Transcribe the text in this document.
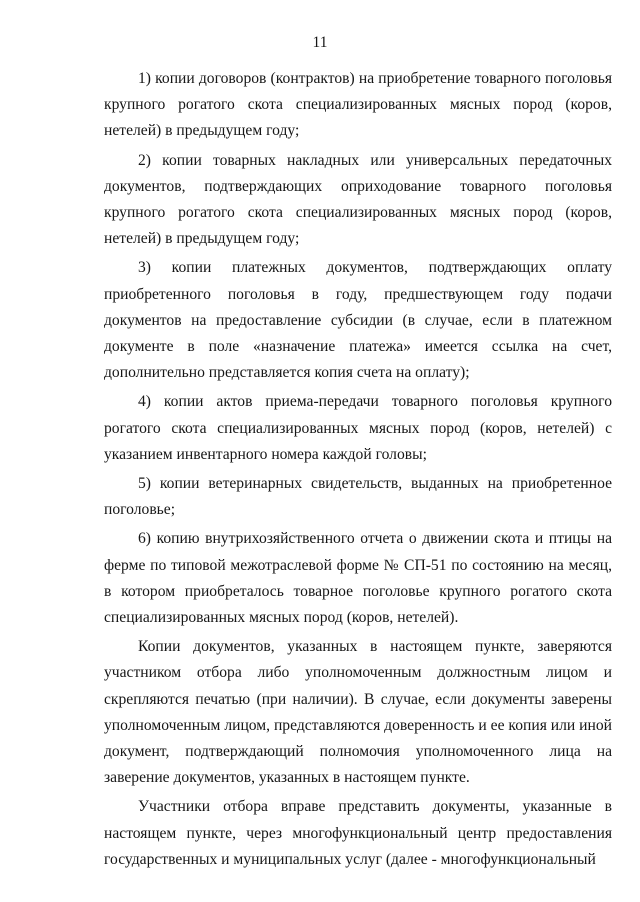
11

1) копии договоров (контрактов) на приобретение товарного поголовья крупного рогатого скота специализированных мясных пород (коров, нетелей) в предыдущем году;

2) копии товарных накладных или универсальных передаточных документов, подтверждающих оприходование товарного поголовья крупного рогатого скота специализированных мясных пород (коров, нетелей) в предыдущем году;

3) копии платежных документов, подтверждающих оплату приобретенного поголовья в году, предшествующем году подачи документов на предоставление субсидии (в случае, если в платежном документе в поле «назначение платежа» имеется ссылка на счет, дополнительно представляется копия счета на оплату);

4) копии актов приема-передачи товарного поголовья крупного рогатого скота специализированных мясных пород (коров, нетелей) с указанием инвентарного номера каждой головы;

5) копии ветеринарных свидетельств, выданных на приобретенное поголовье;

6) копию внутрихозяйственного отчета о движении скота и птицы на ферме по типовой межотраслевой форме № СП-51 по состоянию на месяц, в котором приобреталось товарное поголовье крупного рогатого скота специализированных мясных пород (коров, нетелей).

Копии документов, указанных в настоящем пункте, заверяются участником отбора либо уполномоченным должностным лицом и скрепляются печатью (при наличии). В случае, если документы заверены уполномоченным лицом, представляются доверенность и ее копия или иной документ, подтверждающий полномочия уполномоченного лица на заверение документов, указанных в настоящем пункте.

Участники отбора вправе представить документы, указанные в настоящем пункте, через многофункциональный центр предоставления государственных и муниципальных услуг (далее - многофункциональный
